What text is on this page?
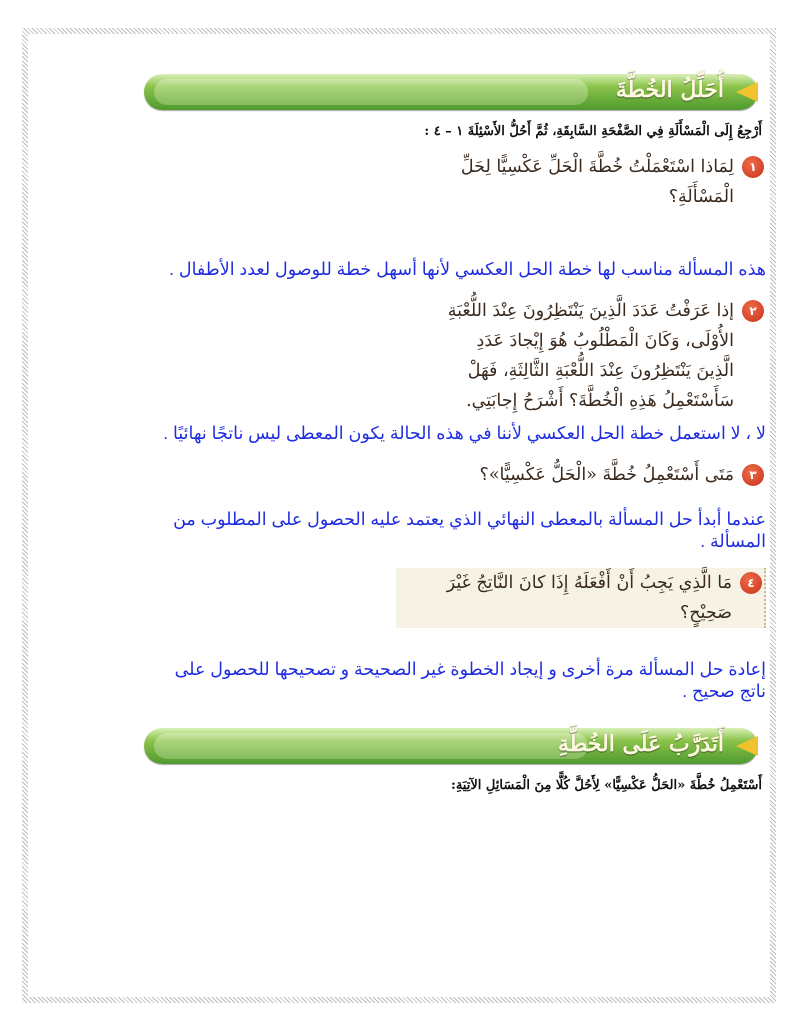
أُحَلِّلُ الخُطَّةَ
أَرْجِعُ إِلَى الْمَسْأَلَةِ فِي الصَّفْحَةِ السَّابِقَةِ، ثُمَّ أَحُلُّ الأَسْئِلَةَ ١ – ٤ :
١
لِمَاذا اسْتَعْمَلْتُ خُطَّةَ الْحَلِّ عَكْسِيًّا لِحَلِّ
الْمَسْأَلَةِ؟
هذه المسألة مناسب لها خطة الحل العكسي لأنها أسهل خطة للوصول لعدد الأطفال .
٢
إذا عَرَفْتُ عَدَدَ الَّذِينَ يَنْتَظِرُونَ عِنْدَ اللُّعْبَةِ
الأُوْلَى، وَكَانَ الْمَطْلُوبُ هُوَ إِيْجادَ عَدَدِ
الَّذِينَ يَنْتَظِرُونَ عِنْدَ اللُّعْبَةِ الثَّالِثَةِ، فَهَلْ
سَأَسْتَعْمِلُ هَذِهِ الْخُطَّةَ؟ أَشْرَحُ إِجابَتِي.
لا ، لا استعمل خطة الحل العكسي لأننا في هذه الحالة يكون المعطى ليس ناتجًا نهائيًا .
٣
مَتَى أَسْتَعْمِلُ خُطَّةَ «الْحَلُّ عَكْسِيًّا»؟
عندما أبدأ حل المسألة بالمعطى النهائي الذي يعتمد عليه الحصول على المطلوب من
المسألة .
٤
مَا الَّذِي يَجِبُ أَنْ أَفْعَلَهُ إِذَا كانَ النَّاتِجُ غَيْرَ
صَحِيْحٍ؟
إعادة حل المسألة مرة أخرى و إيجاد الخطوة غير الصحيحة و تصحيحها للحصول على
ناتج صحيح .
أَتَدَرَّبُ عَلَى الخُطَّةِ
أَسْتَعْمِلُ خُطَّةَ «الحَلُّ عَكْسِيًّا» لِأَحُلَّ كُلًّا مِنَ الْمَسَائِلِ الآتِيَةِ:
